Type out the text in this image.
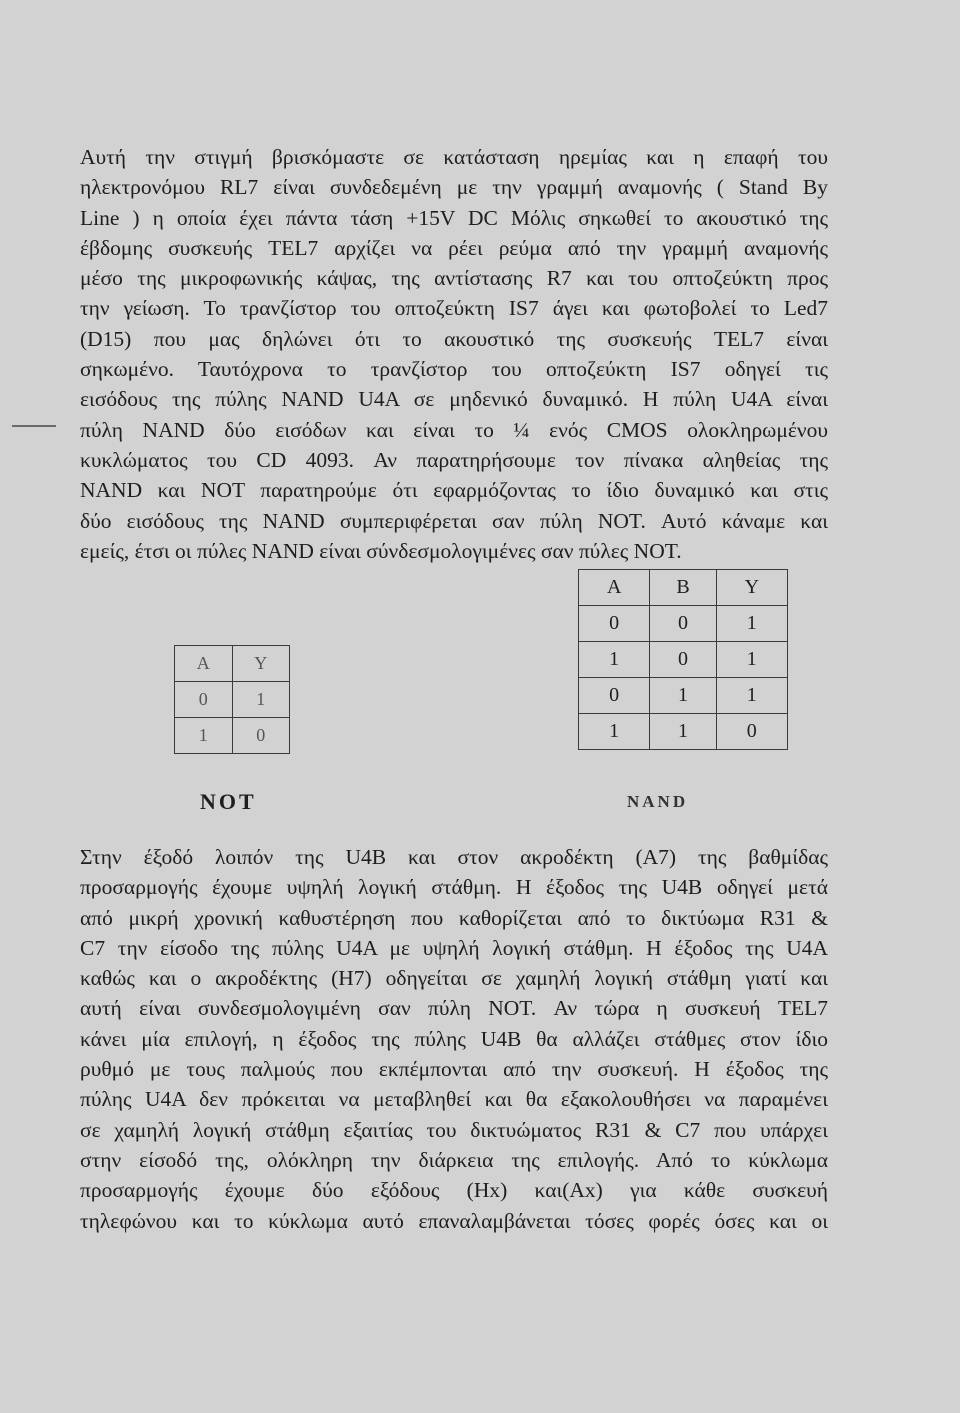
Αυτή την στιγμή βρισκόμαστε σε κατάσταση ηρεμίας και η επαφή του
ηλεκτρονόμου RL7 είναι συνδεδεμένη με την γραμμή αναμονής ( Stand By
Line ) η οποία έχει πάντα τάση +15V DC Μόλις σηκωθεί το ακουστικό της
έβδομης συσκευής TEL7 αρχίζει να ρέει ρεύμα από την γραμμή αναμονής
μέσο της μικροφωνικής κάψας, της αντίστασης R7 και του οπτοζεύκτη προς
την γείωση. Το τρανζίστορ του οπτοζεύκτη IS7 άγει και φωτοβολεί το Led7
(D15) που μας δηλώνει ότι το ακουστικό της συσκευής TEL7 είναι
σηκωμένο. Ταυτόχρονα το τρανζίστορ του οπτοζεύκτη IS7 οδηγεί τις
εισόδους της πύλης NAND U4A σε μηδενικό δυναμικό. Η πύλη U4A είναι
πύλη NAND δύο εισόδων και είναι το ¼ ενός CMOS ολοκληρωμένου
κυκλώματος του CD 4093. Αν παρατηρήσουμε τον πίνακα αληθείας της
NAND και NOT παρατηρούμε ότι εφαρμόζοντας το ίδιο δυναμικό και στις
δύο εισόδους της NAND συμπεριφέρεται σαν πύλη NOT. Αυτό κάναμε και
εμείς, έτσι οι πύλες NAND είναι σύνδεσμολογιμένες σαν πύλες NOT.
A	Y
0	1
1	0
A	B	Y
0	0	1
1	0	1
0	1	1
1	1	0

NOT	NAND

Στην έξοδό λοιπόν της U4B και στον ακροδέκτη (A7) της βαθμίδας
προσαρμογής έχουμε υψηλή λογική στάθμη. Η έξοδος της U4B οδηγεί μετά
από μικρή χρονική καθυστέρηση που καθορίζεται από το δικτύωμα R31 &
C7 την είσοδο της πύλης U4A με υψηλή λογική στάθμη. Η έξοδος της U4A
καθώς και ο ακροδέκτης (H7) οδηγείται σε χαμηλή λογική στάθμη γιατί και
αυτή είναι συνδεσμολογιμένη σαν πύλη NOT. Αν τώρα η συσκευή TEL7
κάνει μία επιλογή, η έξοδος της πύλης U4B θα αλλάζει στάθμες στον ίδιο
ρυθμό με τους παλμούς που εκπέμπονται από την συσκευή. Η έξοδος της
πύλης U4A δεν πρόκειται να μεταβληθεί και θα εξακολουθήσει να παραμένει
σε χαμηλή λογική στάθμη εξαιτίας του δικτυώματος R31 & C7 που υπάρχει
στην είσοδό της, ολόκληρη την διάρκεια της επιλογής. Από το κύκλωμα
προσαρμογής έχουμε δύο εξόδους (Hx) και(Ax) για κάθε συσκευή
τηλεφώνου και το κύκλωμα αυτό επαναλαμβάνεται τόσες φορές όσες και οι
